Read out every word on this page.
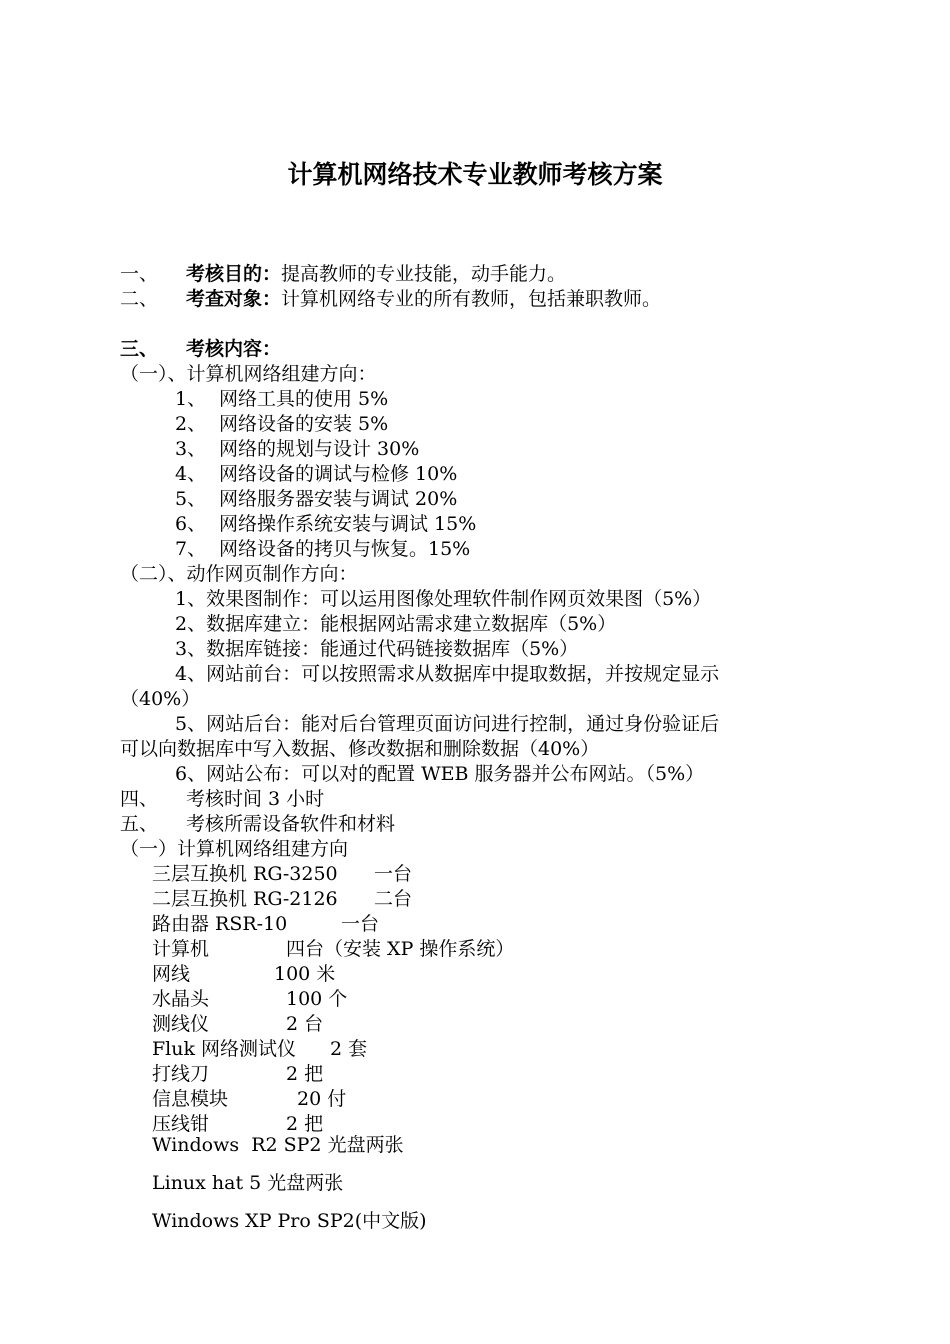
计算机网络技术专业教师考核方案
一、 考核目的：提高教师的专业技能，动手能力。
二、 考查对象：计算机网络专业的所有教师，包括兼职教师。
三、 考核内容：
（一）、计算机网络组建方向：
1、 网络工具的使用 5%
2、 网络设备的安装 5%
3、 网络的规划与设计 30%
4、 网络设备的调试与检修 10%
5、 网络服务器安装与调试 20%
6、 网络操作系统安装与调试 15%
7、 网络设备的拷贝与恢复。15%
（二）、动作网页制作方向：
1、效果图制作：可以运用图像处理软件制作网页效果图（5%）
2、数据库建立：能根据网站需求建立数据库（5%）
3、数据库链接：能通过代码链接数据库（5%）
4、网站前台：可以按照需求从数据库中提取数据，并按规定显示
（40%）
5、网站后台：能对后台管理页面访问进行控制，通过身份验证后
可以向数据库中写入数据、修改数据和删除数据（40%）
6、网站公布：可以对的配置 WEB 服务器并公布网站。（5%）
四、 考核时间 3 小时
五、 考核所需设备软件和材料
（一）计算机网络组建方向
三层互换机 RG-3250 一台
二层互换机 RG-2126 二台
路由器 RSR-10	一台
计算机	四台（安装 XP 操作系统）
网线	100 米
水晶头	100 个
测线仪	2 台
Fluk 网络测试仪 2 套
打线刀	2 把
信息模块	20 付
压线钳	2 把
Windows  R2 SP2 光盘两张
Linux hat 5 光盘两张
Windows XP Pro SP2(中文版)
